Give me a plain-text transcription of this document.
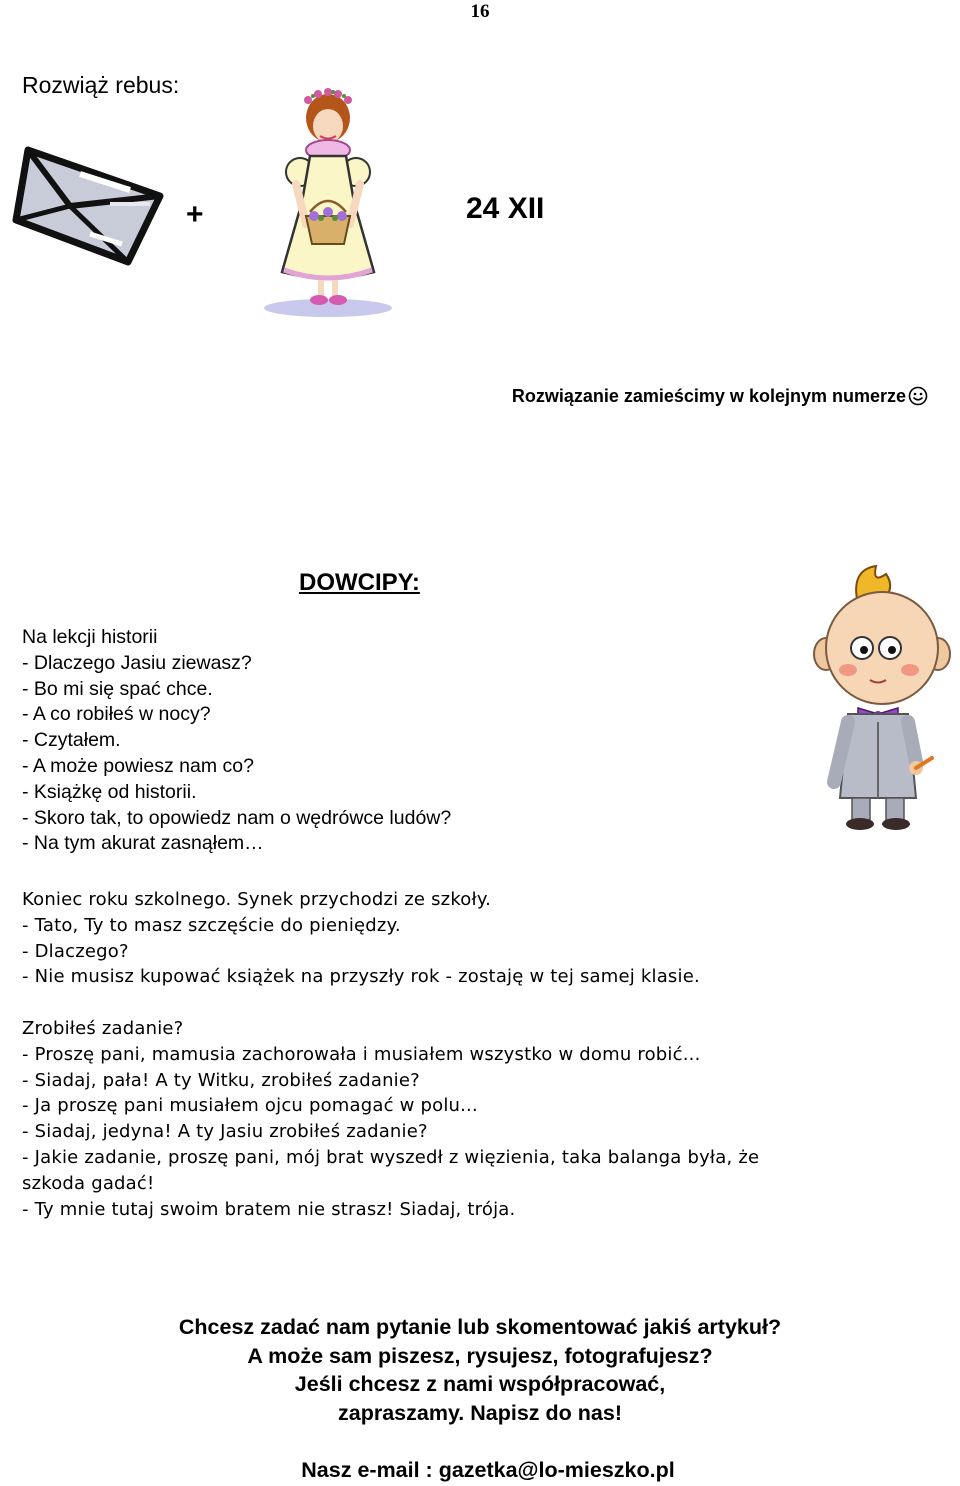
16
Rozwiąż rebus:
+	24 XII
Rozwiązanie zamieścimy w kolejnym numerze
DOWCIPY:
Na lekcji historii
- Dlaczego Jasiu ziewasz?
- Bo mi się spać chce.
- A co robiłeś w nocy?
- Czytałem.
- A może powiesz nam co?
- Książkę od historii.
- Skoro tak, to opowiedz nam o wędrówce ludów?
- Na tym akurat zasnąłem…
Koniec roku szkolnego. Synek przychodzi ze szkoły.
- Tato, Ty to masz szczęście do pieniędzy.
- Dlaczego?
- Nie musisz kupować książek na przyszły rok - zostaję w tej samej klasie.
Zrobiłeś zadanie?
- Proszę pani, mamusia zachorowała i musiałem wszystko w domu robić...
- Siadaj, pała! A ty Witku, zrobiłeś zadanie?
- Ja proszę pani musiałem ojcu pomagać w polu...
- Siadaj, jedyna! A ty Jasiu zrobiłeś zadanie?
- Jakie zadanie, proszę pani, mój brat wyszedł z więzienia, taka balanga była, że
szkoda gadać!
- Ty mnie tutaj swoim bratem nie strasz! Siadaj, trója.
Chcesz zadać nam pytanie lub skomentować jakiś artykuł?
A może sam piszesz, rysujesz, fotografujesz?
Jeśli chcesz z nami współpracować,
zapraszamy. Napisz do nas!
Nasz e-mail : gazetka@lo-mieszko.pl
